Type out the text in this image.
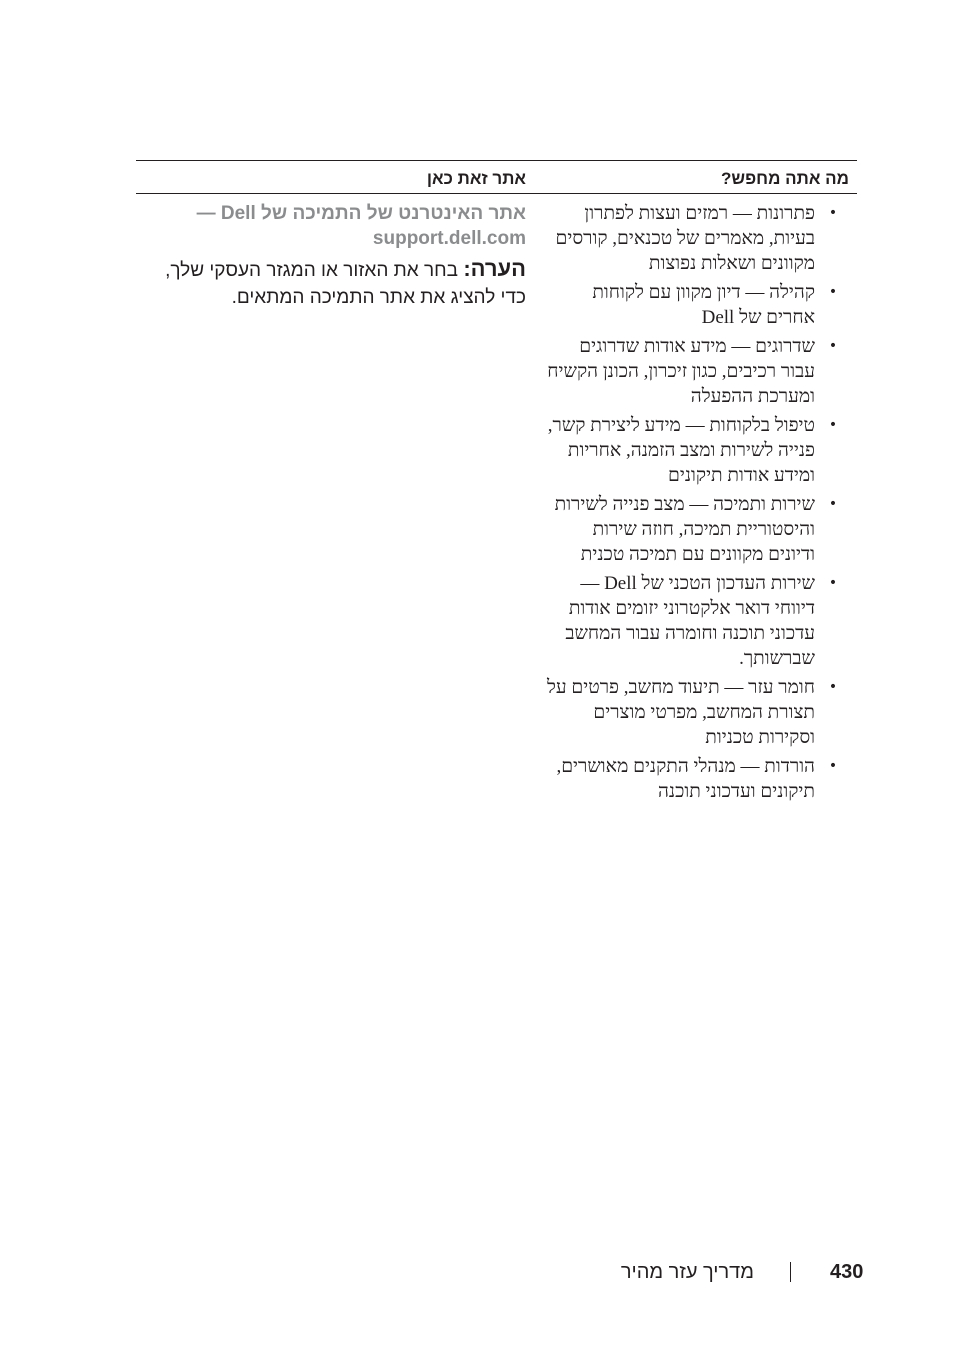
מה אתה מחפש?
אתר זאת כאן
•
פתרונות — רמזים ועצות לפתרון בעיות, מאמרים של טכנאים, קורסים מקוונים ושאלות נפוצות
•
קהילה — דיון מקוון עם לקוחות אחרים של Dell
•
שדרוגים — מידע אודות שדרוגים עבור רכיבים, כגון זיכרון, הכונן הקשיח ומערכת ההפעלה
•
טיפול בלקוחות — מידע ליצירת קשר, פנייה לשירות ומצב הזמנה, אחריות ומידע אודות תיקונים
•
שירות ותמיכה — מצב פנייה לשירות והיסטוריית תמיכה, חוזה שירות ודיונים מקוונים עם תמיכה טכנית
•
שירות העדכון הטכני של Dell — דיווחי דואר אלקטרוני יזומים אודות עדכוני תוכנה וחומרה עבור המחשב שברשותך.
•
חומר עזר — תיעוד מחשב, פרטים על תצורת המחשב, מפרטי מוצרים וסקירות טכניות
•
הורדות — מנהלי התקנים מאושרים, תיקונים ועדכוני תוכנה
אתר האינטרנט של התמיכה של Dell —
support.dell.com
הערה: בחר את האזור או המגזר העסקי שלך, כדי להציג את אתר התמיכה המתאים.
430
מדריך עזר מהיר
